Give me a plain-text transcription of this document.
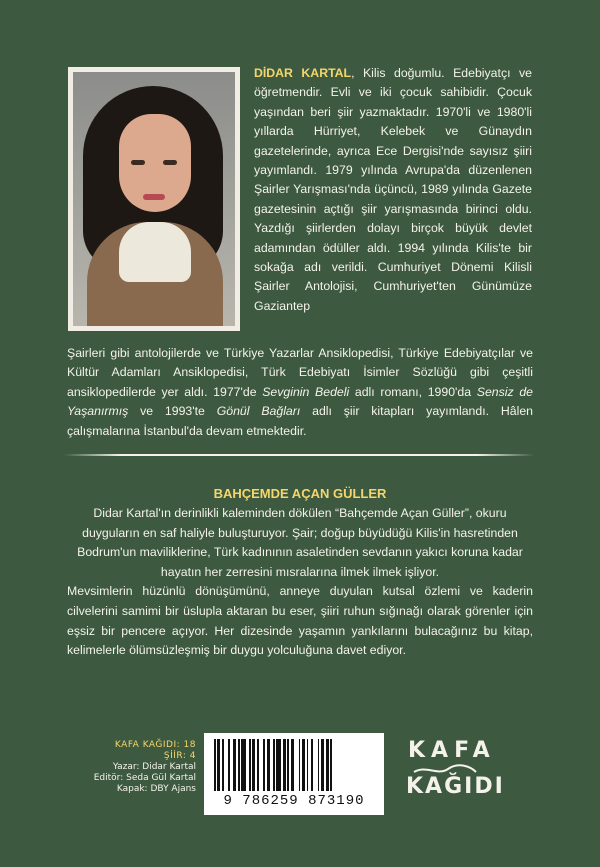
DİDAR KARTAL, Kilis doğumlu. Edebiyatçı ve öğretmendir. Evli ve iki çocuk sahibidir. Çocuk yaşından beri şiir yazmaktadır. 1970'li ve 1980'li yıllarda Hürriyet, Kelebek ve Günaydın gazetelerinde, ayrıca Ece Dergisi'nde sayısız şiiri yayımlandı. 1979 yılında Avrupa'da düzenlenen Şairler Yarışması'nda üçüncü, 1989 yılında Gazete gazetesinin açtığı şiir yarışmasında birinci oldu. Yazdığı şiirlerden dolayı birçok büyük devlet adamından ödüller aldı. 1994 yılında Kilis'te bir sokağa adı verildi. Cumhuriyet Dönemi Kilisli Şairler Antolojisi, Cumhuriyet'ten Günümüze Gaziantep

Şairleri gibi antolojilerde ve Türkiye Yazarlar Ansiklopedisi, Türkiye Edebiyatçılar ve Kültür Adamları Ansiklopedisi, Türk Edebiyatı İsimler Sözlüğü gibi çeşitli ansiklopedilerde yer aldı. 1977'de Sevginin Bedeli adlı romanı, 1990'da Sensiz de Yaşanırmış ve 1993'te Gönül Bağları adlı şiir kitapları yayımlandı. Hâlen çalışmalarına İstanbul'da devam etmektedir.

BAHÇEMDE AÇAN GÜLLER

Didar Kartal'ın derinlikli kaleminden dökülen “Bahçemde Açan Güller”, okuru duyguların en saf haliyle buluşturuyor. Şair; doğup büyüdüğü Kilis'in hasretinden Bodrum'un maviliklerine, Türk kadınının asaletinden sevdanın yakıcı koruna kadar hayatın her zerresini mısralarına ilmek ilmek işliyor.

Mevsimlerin hüzünlü dönüşümünü, anneye duyulan kutsal özlemi ve kaderin cilvelerini samimi bir üslupla aktaran bu eser, şiiri ruhun sığınağı olarak görenler için eşsiz bir pencere açıyor. Her dizesinde yaşamın yankılarını bulacağınız bu kitap, kelimelerle ölümsüzleşmiş bir duygu yolculuğuna davet ediyor.

KAFA KAĞIDI: 18
ŞİİR: 4
Yazar: Didar Kartal
Editör: Seda Gül Kartal
Kapak: DBY Ajans
9 786259 873190
KAFA
KAĞIDI
